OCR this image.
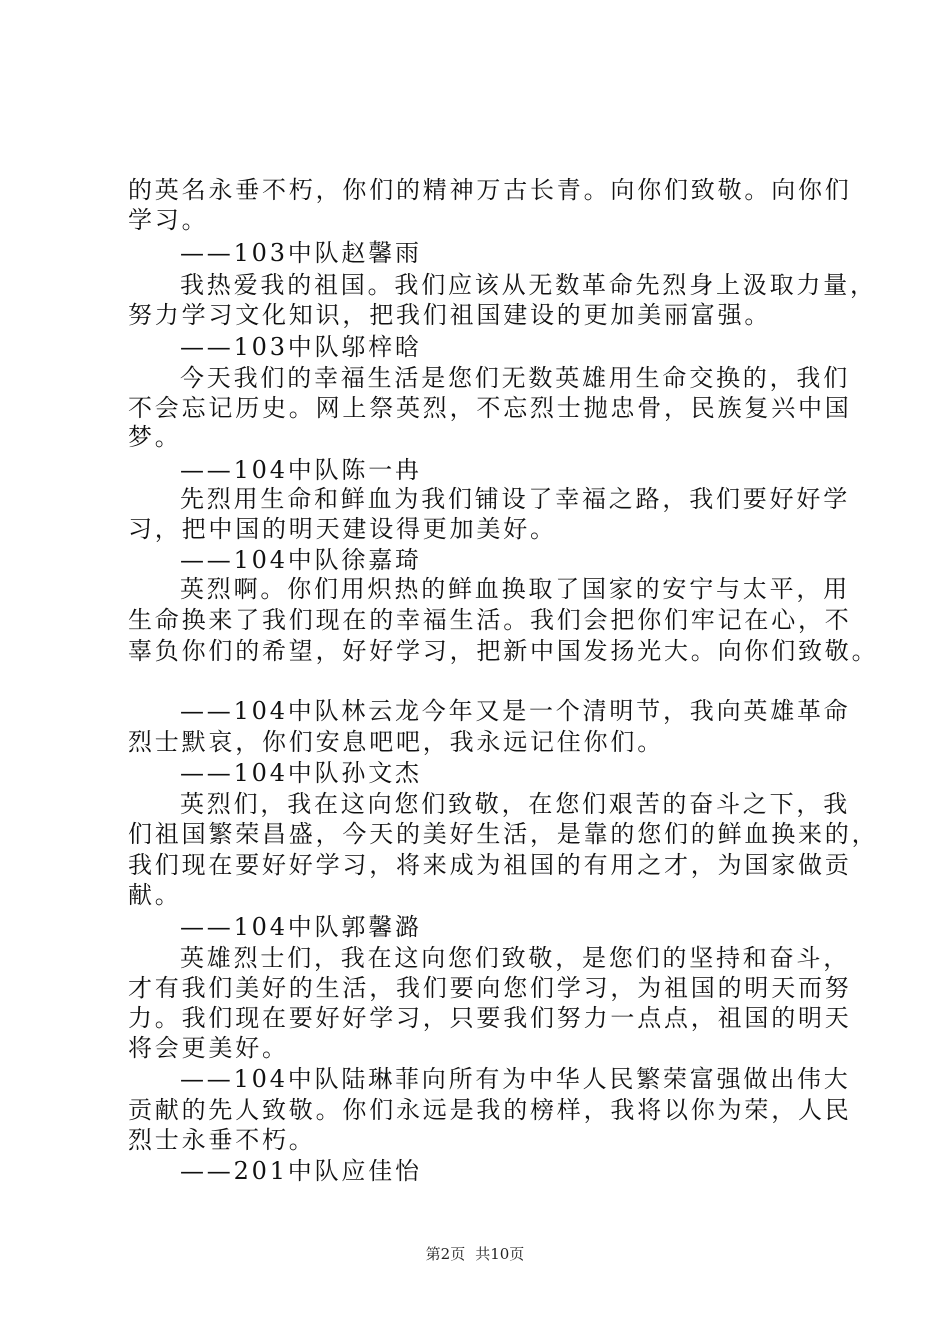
的英名永垂不朽，你们的精神万古长青。向你们致敬。向你们
学习。
——103中队赵馨雨
我热爱我的祖国。我们应该从无数革命先烈身上汲取力量，
努力学习文化知识，把我们祖国建设的更加美丽富强。
——103中队邬梓晗
今天我们的幸福生活是您们无数英雄用生命交换的，我们
不会忘记历史。网上祭英烈，不忘烈士抛忠骨，民族复兴中国
梦。
——104中队陈一冉
先烈用生命和鲜血为我们铺设了幸福之路，我们要好好学
习，把中国的明天建设得更加美好。
——104中队徐嘉琦
英烈啊。你们用炽热的鲜血换取了国家的安宁与太平，用
生命换来了我们现在的幸福生活。我们会把你们牢记在心，不
辜负你们的希望，好好学习，把新中国发扬光大。向你们致敬。
——104中队林云龙今年又是一个清明节，我向英雄革命
烈士默哀，你们安息吧吧，我永远记住你们。
——104中队孙文杰
英烈们，我在这向您们致敬，在您们艰苦的奋斗之下，我
们祖国繁荣昌盛，今天的美好生活，是靠的您们的鲜血换来的，
我们现在要好好学习，将来成为祖国的有用之才，为国家做贡
献。
——104中队郭馨潞
英雄烈士们，我在这向您们致敬，是您们的坚持和奋斗，
才有我们美好的生活，我们要向您们学习，为祖国的明天而努
力。我们现在要好好学习，只要我们努力一点点，祖国的明天
将会更美好。
——104中队陆琳菲向所有为中华人民繁荣富强做出伟大
贡献的先人致敬。你们永远是我的榜样，我将以你为荣，人民
烈士永垂不朽。
——201中队应佳怡
第2页 共10页
